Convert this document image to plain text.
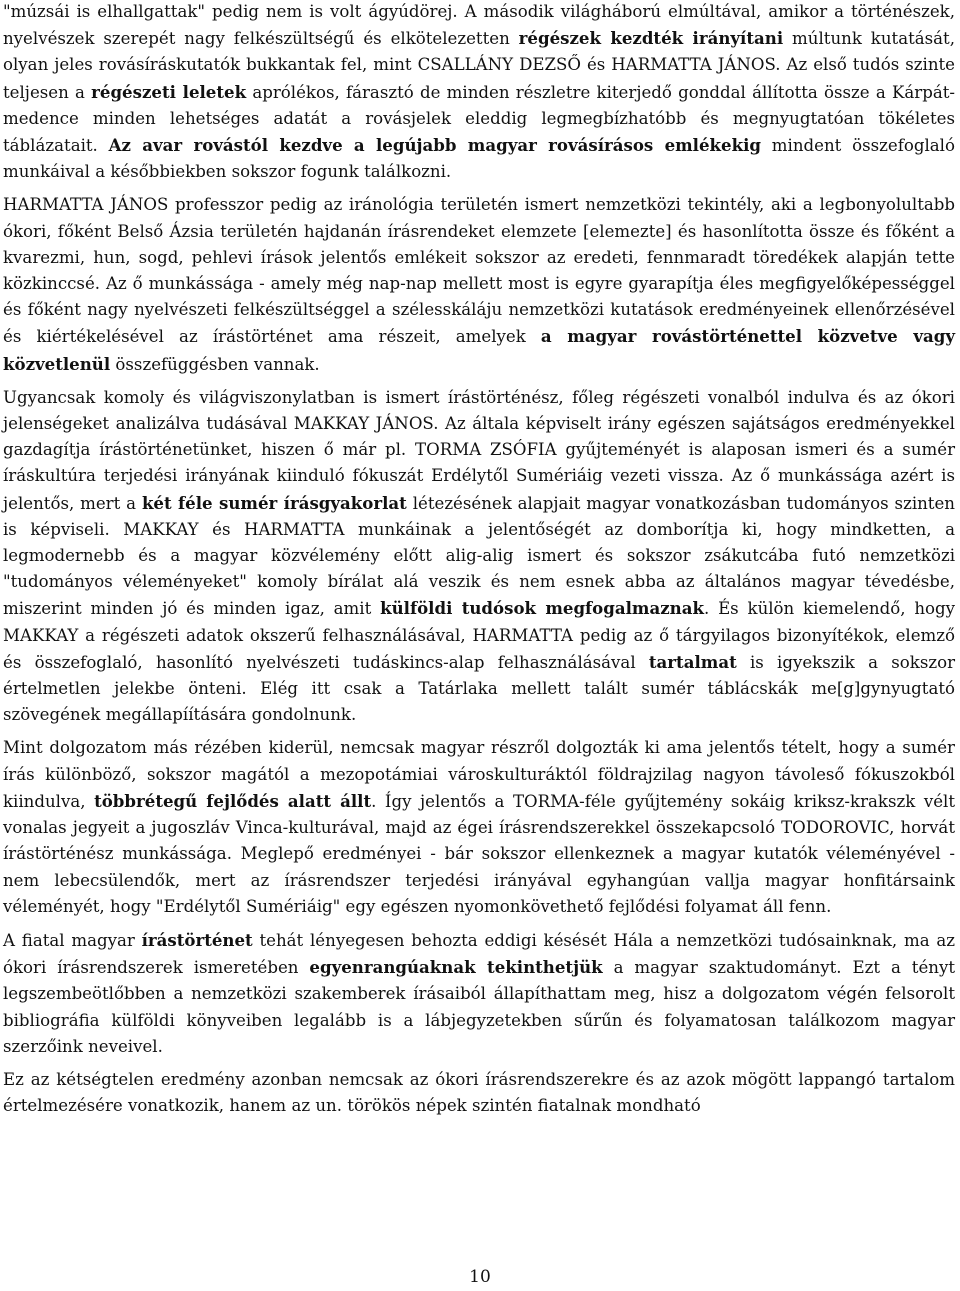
"múzsái is elhallgattak" pedig nem is volt ágyúdörej. A második világháború elmúltával, amikor a történészek, nyelvészek szerepét nagy felkészültségű és elkötelezetten régészek kezdték irányítani múltunk kutatását, olyan jeles rovásíráskutatók bukkantak fel, mint CSALLÁNY DEZSŐ és HARMATTA JÁNOS. Az első tudós szinte teljesen a régészeti leletek aprólékos, fárasztó de minden részletre kiterjedő gonddal állította össze a Kárpát-medence minden lehetséges adatát a rovásjelek eleddig legmegbízhatóbb és megnyugtatóan tökéletes táblázatait. Az avar rovástól kezdve a legújabb magyar rovásírásos emlékekig mindent összefoglaló munkáival a későbbiekben sokszor fogunk találkozni.

HARMATTA JÁNOS professzor pedig az iránológia területén ismert nemzetközi tekintély, aki a legbonyolultabb ókori, főként Belső Ázsia területén hajdanán írásrendeket elemzete [elemezte] és hasonlította össze és főként a kvarezmi, hun, sogd, pehlevi írások jelentős emlékeit sokszor az eredeti, fennmaradt töredékek alapján tette közkinccsé. Az ő munkássága - amely még nap-nap mellett most is egyre gyarapítja éles megfigyelőképességgel és főként nagy nyelvészeti felkészültséggel a szélesskáláju nemzetközi kutatások eredményeinek ellenőrzésével és kiértékelésével az írástörténet ama részeit, amelyek a magyar rovástörténettel közvetve vagy közvetlenül összefüggésben vannak.

Ugyancsak komoly és világviszonylatban is ismert írástörténész, főleg régészeti vonalból indulva és az ókori jelenségeket analizálva tudásával MAKKAY JÁNOS. Az általa képviselt irány egészen sajátságos eredményekkel gazdagítja írástörténetünket, hiszen ő már pl. TORMA ZSÓFIA gyűjteményét is alaposan ismeri és a sumér íráskultúra terjedési irányának kiinduló fókuszát Erdélytől Sumériáig vezeti vissza. Az ő munkássága azért is jelentős, mert a két féle sumér írásgyakorlat létezésének alapjait magyar vonatkozásban tudományos szinten is képviseli. MAKKAY és HARMATTA munkáinak a jelentőségét az domborítja ki, hogy mindketten, a legmodernebb és a magyar közvélemény előtt alig-alig ismert és sokszor zsákutcába futó nemzetközi "tudományos véleményeket" komoly bírálat alá veszik és nem esnek abba az általános magyar tévedésbe, miszerint minden jó és minden igaz, amit külföldi tudósok megfogalmaznak. És külön kiemelendő, hogy MAKKAY a régészeti adatok okszerű felhasználásával, HARMATTA pedig az ő tárgyilagos bizonyítékok, elemző és összefoglaló, hasonlító nyelvészeti tudáskincs-alap felhasználásával tartalmat is igyekszik a sokszor értelmetlen jelekbe önteni. Elég itt csak a Tatárlaka mellett talált sumér táblácskák me[g]gynyugtató szövegének megállapíítására gondolnunk.

Mint dolgozatom más rézében kiderül, nemcsak magyar részről dolgozták ki ama jelentős tételt, hogy a sumér írás különböző, sokszor magától a mezopotámiai városkulturáktól földrajzilag nagyon távoleső fókuszokból kiindulva, többrétegű fejlődés alatt állt. Így jelentős a TORMA-féle gyűjtemény sokáig kriksz-krakszk vélt vonalas jegyeit a jugoszláv Vinca-kulturával, majd az égei írásrendszerekkel összekapcsoló TODOROVIC, horvát írástörténész munkássága. Meglepő eredményei - bár sokszor ellenkeznek a magyar kutatók véleményével - nem lebecsülendők, mert az írásrendszer terjedési irányával egyhangúan vallja magyar honfitársaink véleményét, hogy "Erdélytől Sumériáig" egy egészen nyomonkövethető fejlődési folyamat áll fenn.

A fiatal magyar írástörténet tehát lényegesen behozta eddigi késését Hála a nemzetközi tudósainknak, ma az ókori írásrendszerek ismeretében egyenrangúaknak tekinthetjük a magyar szaktudományt. Ezt a tényt legszembeötlőbben a nemzetközi szakemberek írásaiból állapíthattam meg, hisz a dolgozatom végén felsorolt bibliográfia külföldi könyveiben legalább is a lábjegyzetekben sűrűn és folyamatosan találkozom magyar szerzőink neveivel.

Ez az kétségtelen eredmény azonban nemcsak az ókori írásrendszerekre és az azok mögött lappangó tartalom értelmezésére vonatkozik, hanem az un. törökös népek szintén fiatalnak mondható

10
